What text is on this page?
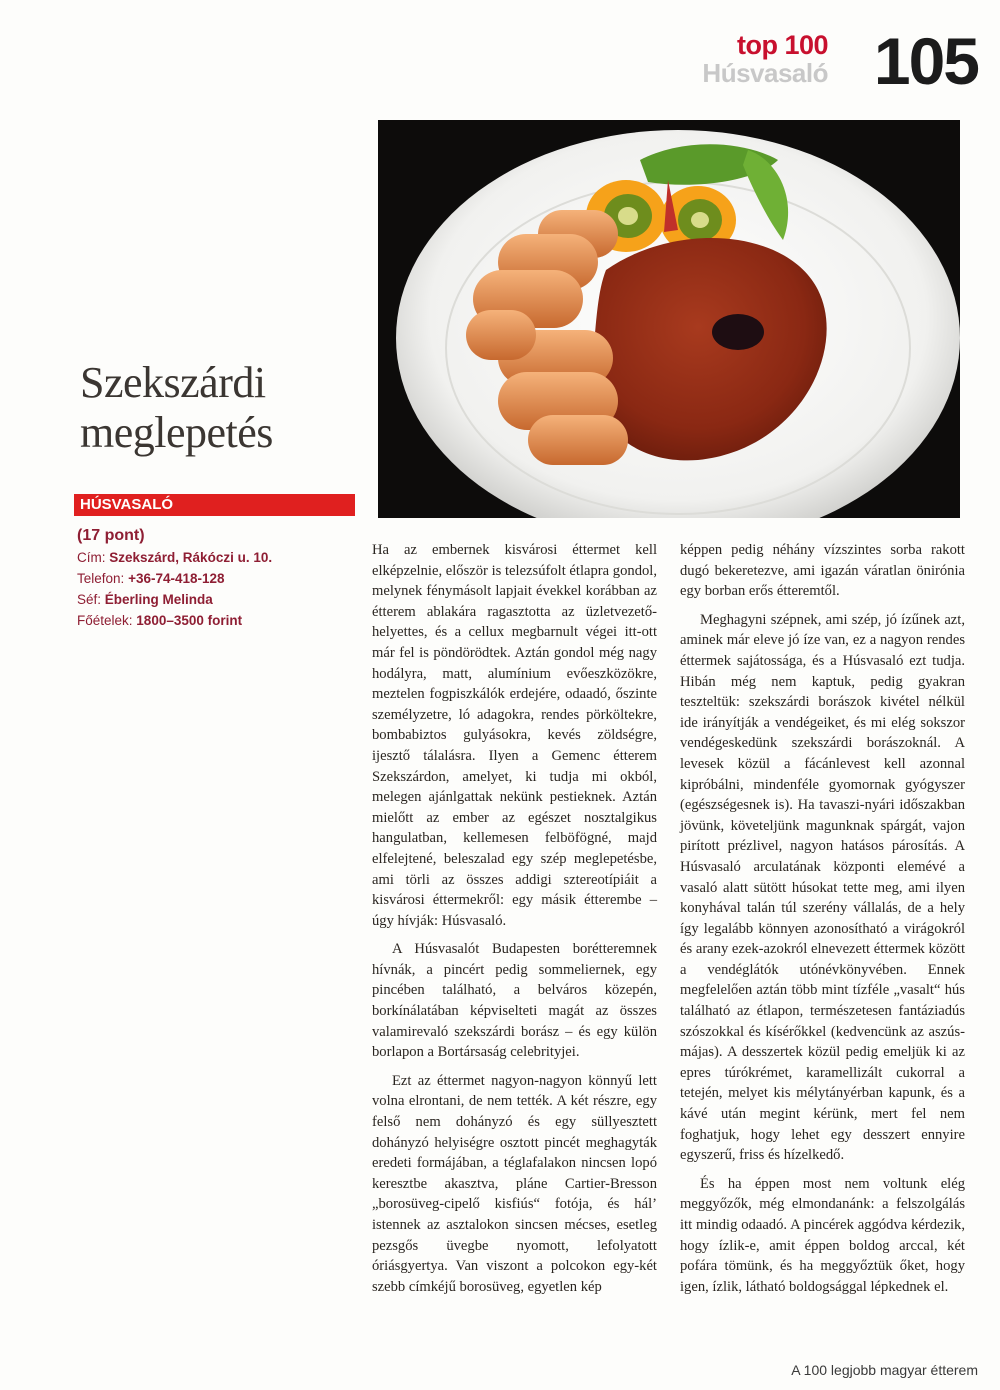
top 100
Húsvasaló 105
Szekszárdi
meglepetés
HÚSVASALÓ
(17 pont)
Cím: Szekszárd, Rákóczi u. 10.
Telefon: +36-74-418-128
Séf: Éberling Melinda
Főételek: 1800–3500 forint

Ha az embernek kisvárosi éttermet kell elképzelnie, először is telezsúfolt étlapra gondol, melynek fénymásolt lapjait évekkel korábban az étterem ablakára ragasztotta az üzletvezető-helyettes, és a cellux megbarnult végei itt-ott már fel is pöndörödtek. Aztán gondol még nagy hodályra, matt, alumínium evőeszközökre, meztelen fogpiszkálók erdejére, odaadó, őszinte személyzetre, ló adagokra, rendes pörköltekre, bombabiztos gulyásokra, kevés zöldségre, ijesztő tálalásra. Ilyen a Gemenc étterem Szekszárdon, amelyet, ki tudja mi okból, melegen ajánlgattak nekünk pestieknek. Aztán mielőtt az ember az egészet nosztalgikus hangulatban, kellemesen felböfögné, majd elfelejtené, beleszalad egy szép meglepetésbe, ami törli az összes addigi sztereotípiáit a kisvárosi éttermekről: egy másik étterembe – úgy hívják: Húsvasaló.

A Húsvasalót Budapesten borétteremnek hívnák, a pincért pedig sommeliernek, egy pincében található, a belváros közepén, borkínálatában képviselteti magát az összes valamirevaló szekszárdi borász – és egy külön borlapon a Bortársaság celebrityjei.

Ezt az éttermet nagyon-nagyon könnyű lett volna elrontani, de nem tették. A két részre, egy felső nem dohányzó és egy süllyesztett dohányzó helyiségre osztott pincét meghagyták eredeti formájában, a téglafalakon nincsen lopó keresztbe akasztva, pláne Cartier-Bresson „borosüveg-cipelő kisfiús“ fotója, és hál’ istennek az asztalokon sincsen mécses, esetleg pezsgős üvegbe nyomott, lefolyatott óriásgyertya. Van viszont a polcokon egy-két szebb címkéjű borosüveg, egyetlen kép

képpen pedig néhány vízszintes sorba rakott dugó bekeretezve, ami igazán váratlan önirónia egy borban erős étteremtől.

Meghagyni szépnek, ami szép, jó ízűnek azt, aminek már eleve jó íze van, ez a nagyon rendes éttermek sajátossága, és a Húsvasaló ezt tudja. Hibán még nem kaptuk, pedig gyakran teszteltük: szekszárdi borászok kivétel nélkül ide irányítják a vendégeiket, és mi elég sokszor vendégeskedünk szekszárdi borászoknál. A levesek közül a fácánlevest kell azonnal kipróbálni, mindenféle gyomornak gyógyszer (egészségesnek is). Ha tavaszi-nyári időszakban jövünk, követeljünk magunknak spárgát, vajon pirított prézlivel, nagyon hatásos párosítás. A Húsvasaló arculatának központi elemévé a vasaló alatt sütött húsokat tette meg, ami ilyen konyhával talán túl szerény vállalás, de a hely így legalább könnyen azonosítható a virágokról és arany ezek-azokról elnevezett éttermek között a vendéglátók utónévkönyvében. Ennek megfelelően aztán több mint tízféle „vasalt“ hús található az étlapon, természetesen fantáziadús szószokkal és kísérőkkel (kedvencünk az aszús-májas). A desszertek közül pedig emeljük ki az epres túrókrémet, karamellizált cukorral a tetején, melyet kis mélytányérban kapunk, és a kávé után megint kérünk, mert fel nem foghatjuk, hogy lehet egy desszert ennyire egyszerű, friss és hízelkedő.

És ha éppen most nem voltunk elég meggyőzők, még elmondanánk: a felszolgálás itt mindig odaadó. A pincérek aggódva kérdezik, hogy ízlik-e, amit éppen boldog arccal, két pofára tömünk, és ha meggyőztük őket, hogy igen, ízlik, látható boldogsággal lépkednek el.

A 100 legjobb magyar étterem
